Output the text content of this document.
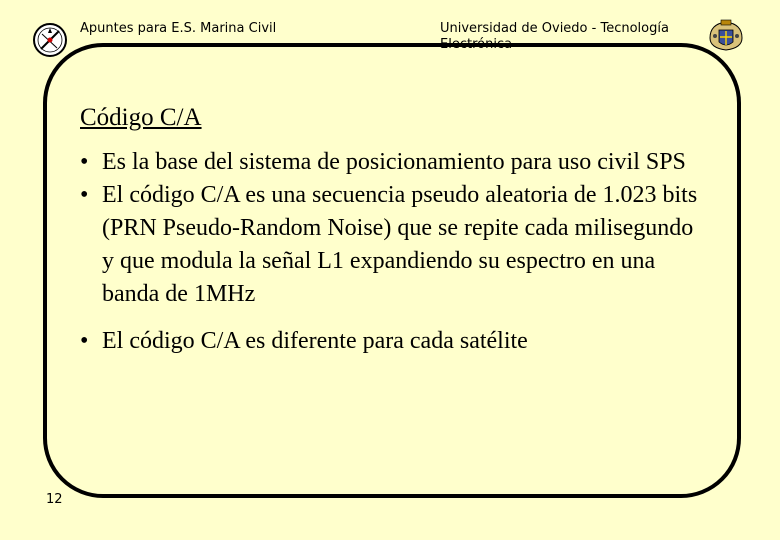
Apuntes para E.S. Marina Civil	Universidad de Oviedo - Tecnología Electrónica
Código C/A
• Es la base del sistema de posicionamiento para uso civil SPS
• El código C/A es una secuencia pseudo aleatoria de 1.023 bits (PRN Pseudo-Random Noise) que se repite cada milisegundo y que modula la señal L1 expandiendo su espectro en una banda de 1MHz
• El código C/A es diferente para cada satélite
12
